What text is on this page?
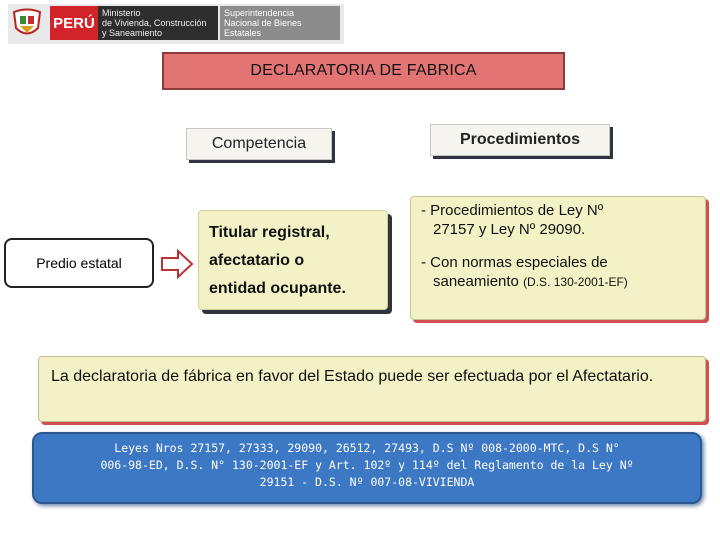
PERÚ
Ministerio
de Vivienda, Construcción
y Saneamiento
Superintendencia
Nacional de Bienes
Estatales
DECLARATORIA DE FABRICA
Competencia	Procedimientos
Predio estatal
Titular registral,
afectatario o
entidad ocupante.
- Procedimientos de Ley Nº
27157 y Ley Nº 29090.
- Con normas especiales de
saneamiento (D.S. 130-2001-EF)
La declaratoria de fábrica en favor del Estado puede ser efectuada por el Afectatario.
Leyes Nros 27157, 27333, 29090, 26512, 27493, D.S Nº 008-2000-MTC, D.S N°
006-98-ED, D.S. N° 130-2001-EF y Art. 102º y 114º del Reglamento de la Ley Nº
29151 - D.S. Nº 007-08-VIVIENDA
